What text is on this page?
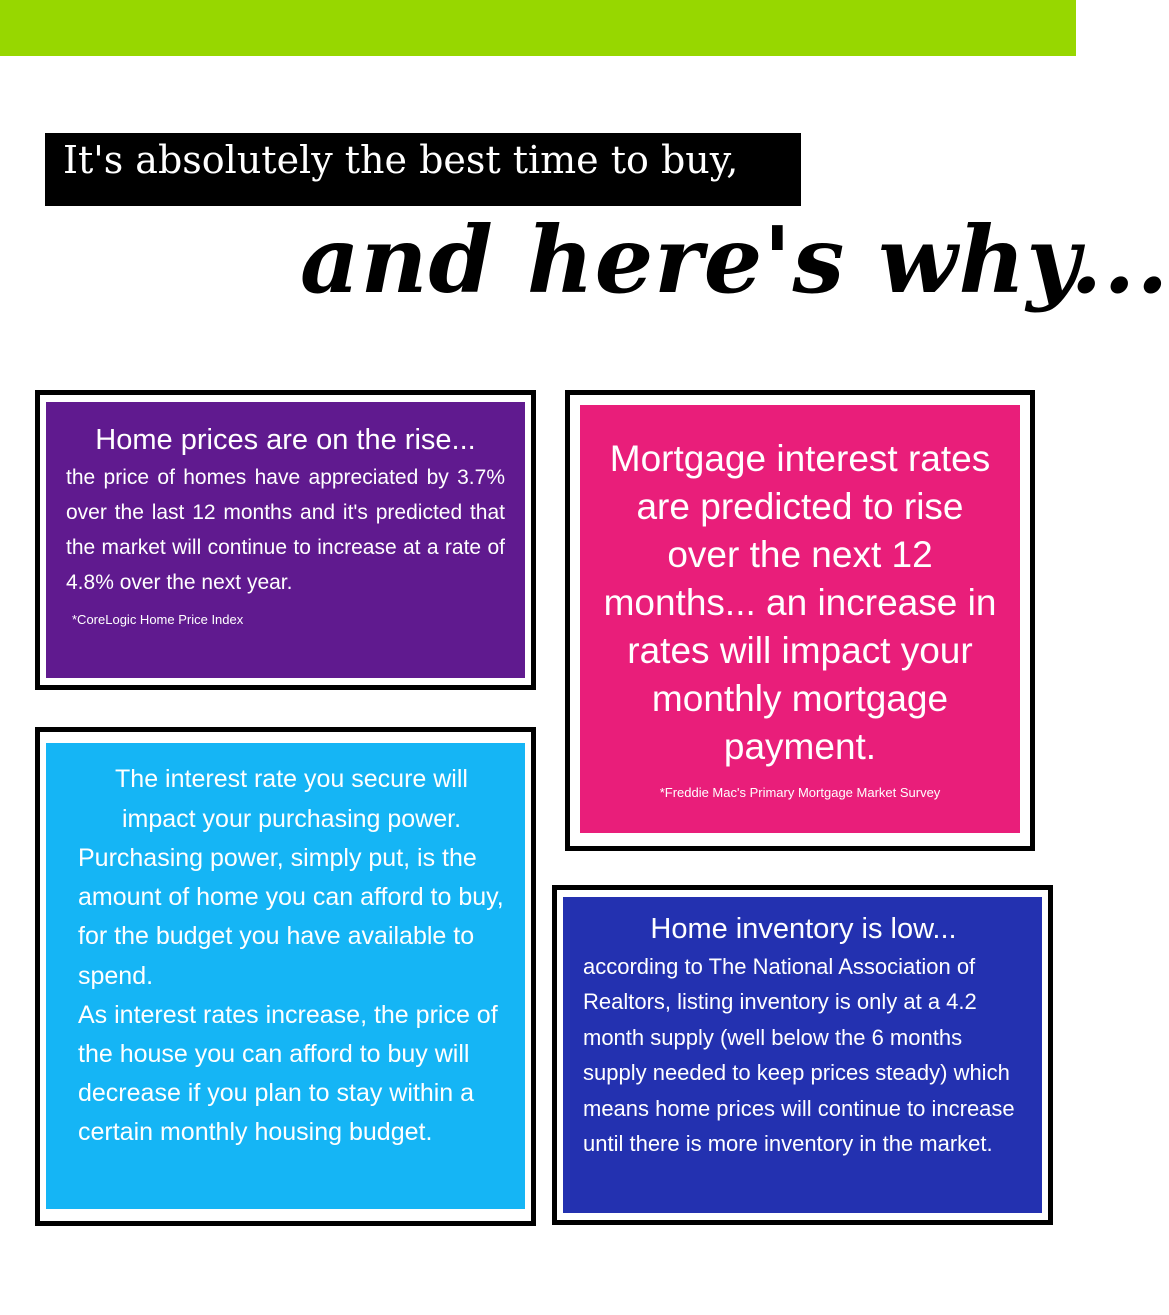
It's absolutely the best time to buy,
and here's why...
Home prices are on the rise...
the price of homes have appreciated by 3.7% over the last 12 months and it's predicted that the market will continue to increase at a rate of 4.8% over the next year.
*CoreLogic Home Price Index
Mortgage interest rates are predicted to rise over the next 12 months... an increase in rates will impact your monthly mortgage payment.
*Freddie Mac's Primary Mortgage Market Survey
The interest rate you secure will impact your purchasing power.
Purchasing power, simply put, is the amount of home you can afford to buy, for the budget you have available to spend.
As interest rates increase, the price of the house you can afford to buy will decrease if you plan to stay within a certain monthly housing budget.
Home inventory is low...
according to The National Association of Realtors, listing inventory is only at a 4.2 month supply (well below the 6 months supply needed to keep prices steady) which means home prices will continue to increase until there is more inventory in the market.
